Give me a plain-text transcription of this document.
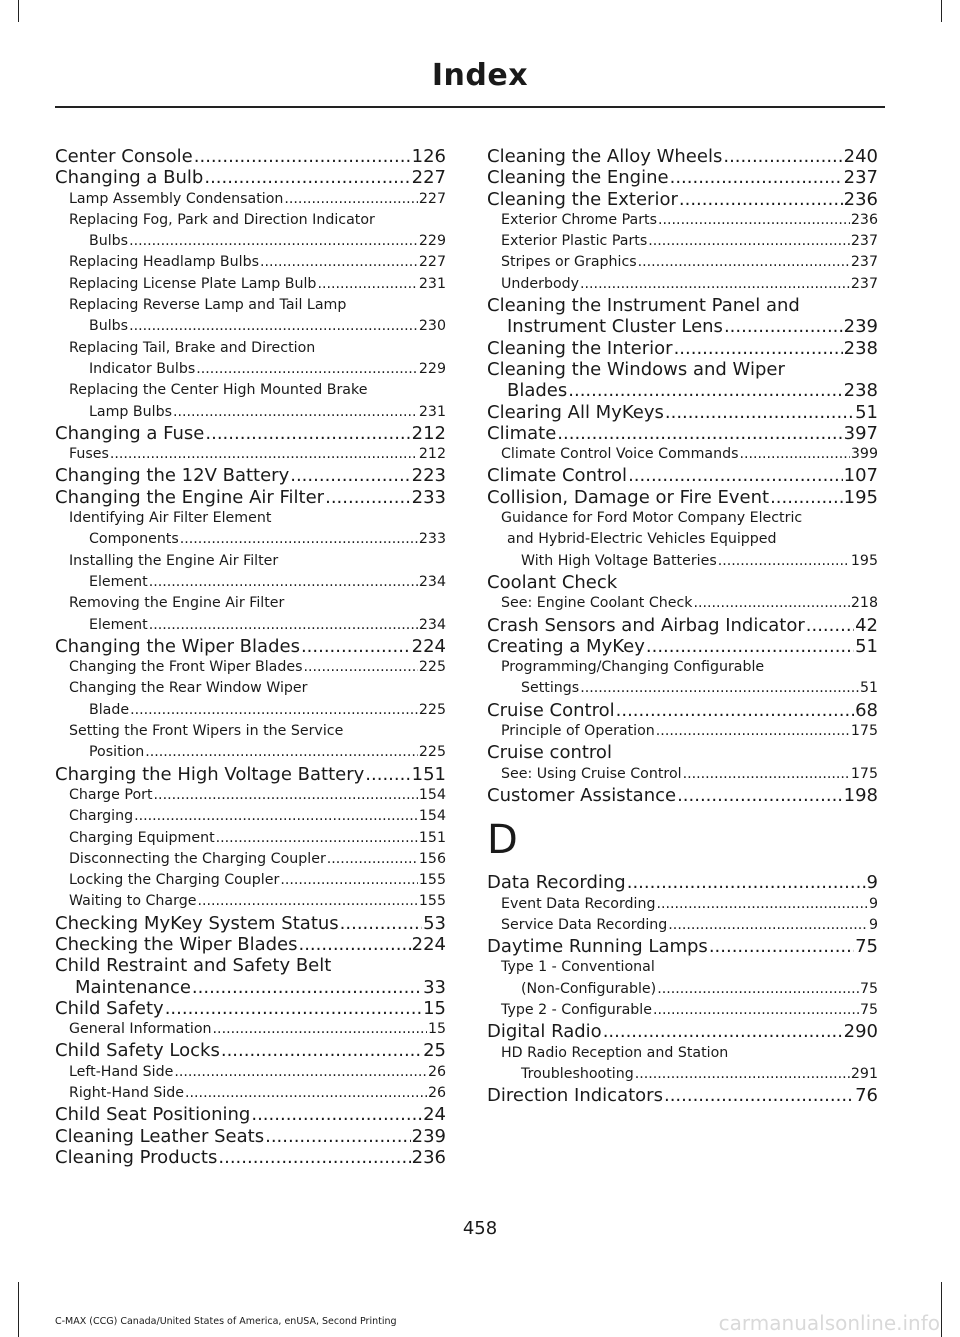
Index
Center Console .....	126
Changing a Bulb .....	227
Lamp Assembly Condensation .....	227
Replacing Fog, Park and Direction Indicator
Bulbs .....	229
Replacing Headlamp Bulbs .....	227
Replacing License Plate Lamp Bulb .....	231
Replacing Reverse Lamp and Tail Lamp
Bulbs .....	230
Replacing Tail, Brake and Direction
Indicator Bulbs .....	229
Replacing the Center High Mounted Brake
Lamp Bulbs .....	231
Changing a Fuse .....	212
Fuses .....	212
Changing the 12V Battery .....	223
Changing the Engine Air Filter .....	233
Identifying Air Filter Element
Components .....	233
Installing the Engine Air Filter
Element .....	234
Removing the Engine Air Filter
Element .....	234
Changing the Wiper Blades .....	224
Changing the Front Wiper Blades .....	225
Changing the Rear Window Wiper
Blade .....	225
Setting the Front Wipers in the Service
Position .....	225
Charging the High Voltage Battery .....	151
Charge Port .....	154
Charging .....	154
Charging Equipment .....	151
Disconnecting the Charging Coupler .....	156
Locking the Charging Coupler .....	155
Waiting to Charge .....	155
Checking MyKey System Status .....	53
Checking the Wiper Blades .....	224
Child Restraint and Safety Belt
Maintenance .....	33
Child Safety .....	15
General Information .....	15
Child Safety Locks .....	25
Left-Hand Side .....	26
Right-Hand Side .....	26
Child Seat Positioning .....	24
Cleaning Leather Seats .....	239
Cleaning Products .....	236
Cleaning the Alloy Wheels .....	240
Cleaning the Engine .....	237
Cleaning the Exterior .....	236
Exterior Chrome Parts .....	236
Exterior Plastic Parts .....	237
Stripes or Graphics .....	237
Underbody .....	237
Cleaning the Instrument Panel and
Instrument Cluster Lens .....	239
Cleaning the Interior .....	238
Cleaning the Windows and Wiper
Blades .....	238
Clearing All MyKeys .....	51
Climate .....	397
Climate Control Voice Commands .....	399
Climate Control .....	107
Collision, Damage or Fire Event .....	195
Guidance for Ford Motor Company Electric
and Hybrid-Electric Vehicles Equipped
With High Voltage Batteries .....	195
Coolant Check
See: Engine Coolant Check .....	218
Crash Sensors and Airbag Indicator .....	42
Creating a MyKey .....	51
Programming/Changing Configurable
Settings .....	51
Cruise Control .....	68
Principle of Operation .....	175
Cruise control
See: Using Cruise Control .....	175
Customer Assistance .....	198
D
Data Recording .....	9
Event Data Recording .....	9
Service Data Recording .....	9
Daytime Running Lamps .....	75
Type 1 - Conventional
(Non-Configurable) .....	75
Type 2 - Configurable .....	75
Digital Radio .....	290
HD Radio Reception and Station
Troubleshooting .....	291
Direction Indicators .....	76
458
C-MAX (CCG) Canada/United States of America, enUSA, Second Printing	carmanualsonline.info
